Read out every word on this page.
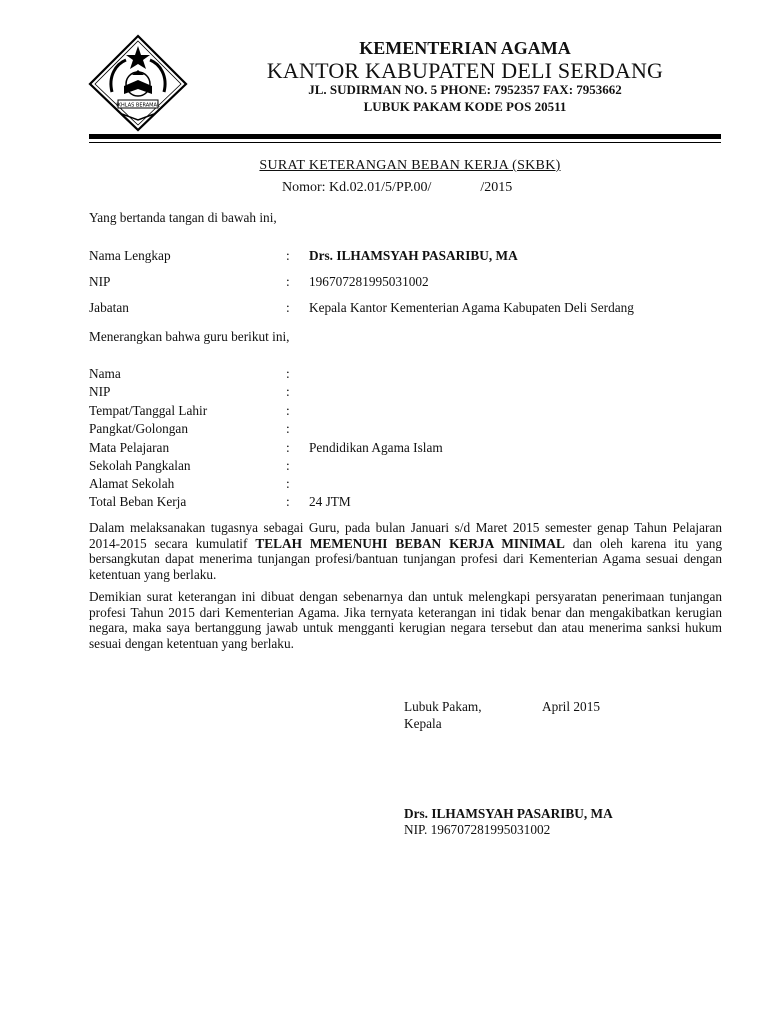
IKHLAS BERAMAL
KEMENTERIAN AGAMA
KANTOR KABUPATEN DELI SERDANG
JL. SUDIRMAN NO. 5 PHONE: 7952357 FAX: 7953662
LUBUK PAKAM KODE POS 20511
SURAT KETERANGAN BEBAN KERJA (SKBK)
Nomor: Kd.02.01/5/PP.00/	/2015
Yang bertanda tangan di bawah ini,
Nama Lengkap	: Drs. ILHAMSYAH PASARIBU, MA
NIP	: 196707281995031002
Jabatan	: Kepala Kantor Kementerian Agama Kabupaten Deli Serdang
Menerangkan bahwa guru berikut ini,
Nama	:
NIP	:
Tempat/Tanggal Lahir	:
Pangkat/Golongan	:
Mata Pelajaran	: Pendidikan Agama Islam
Sekolah Pangkalan	:
Alamat Sekolah	:
Total Beban Kerja	: 24 JTM
Dalam melaksanakan tugasnya sebagai Guru, pada bulan Januari s/d Maret 2015 semester genap Tahun Pelajaran 2014-2015 secara kumulatif TELAH MEMENUHI BEBAN KERJA MINIMAL dan oleh karena itu yang bersangkutan dapat menerima tunjangan profesi/bantuan tunjangan profesi dari Kementerian Agama sesuai dengan ketentuan yang berlaku.
Demikian surat keterangan ini dibuat dengan sebenarnya dan untuk melengkapi persyaratan penerimaan tunjangan profesi Tahun 2015 dari Kementerian Agama. Jika ternyata keterangan ini tidak benar dan mengakibatkan kerugian negara, maka saya bertanggung jawab untuk mengganti kerugian negara tersebut dan atau menerima sanksi hukum sesuai dengan ketentuan yang berlaku.
Lubuk Pakam,	April 2015
Kepala
Drs. ILHAMSYAH PASARIBU, MA
NIP. 196707281995031002
